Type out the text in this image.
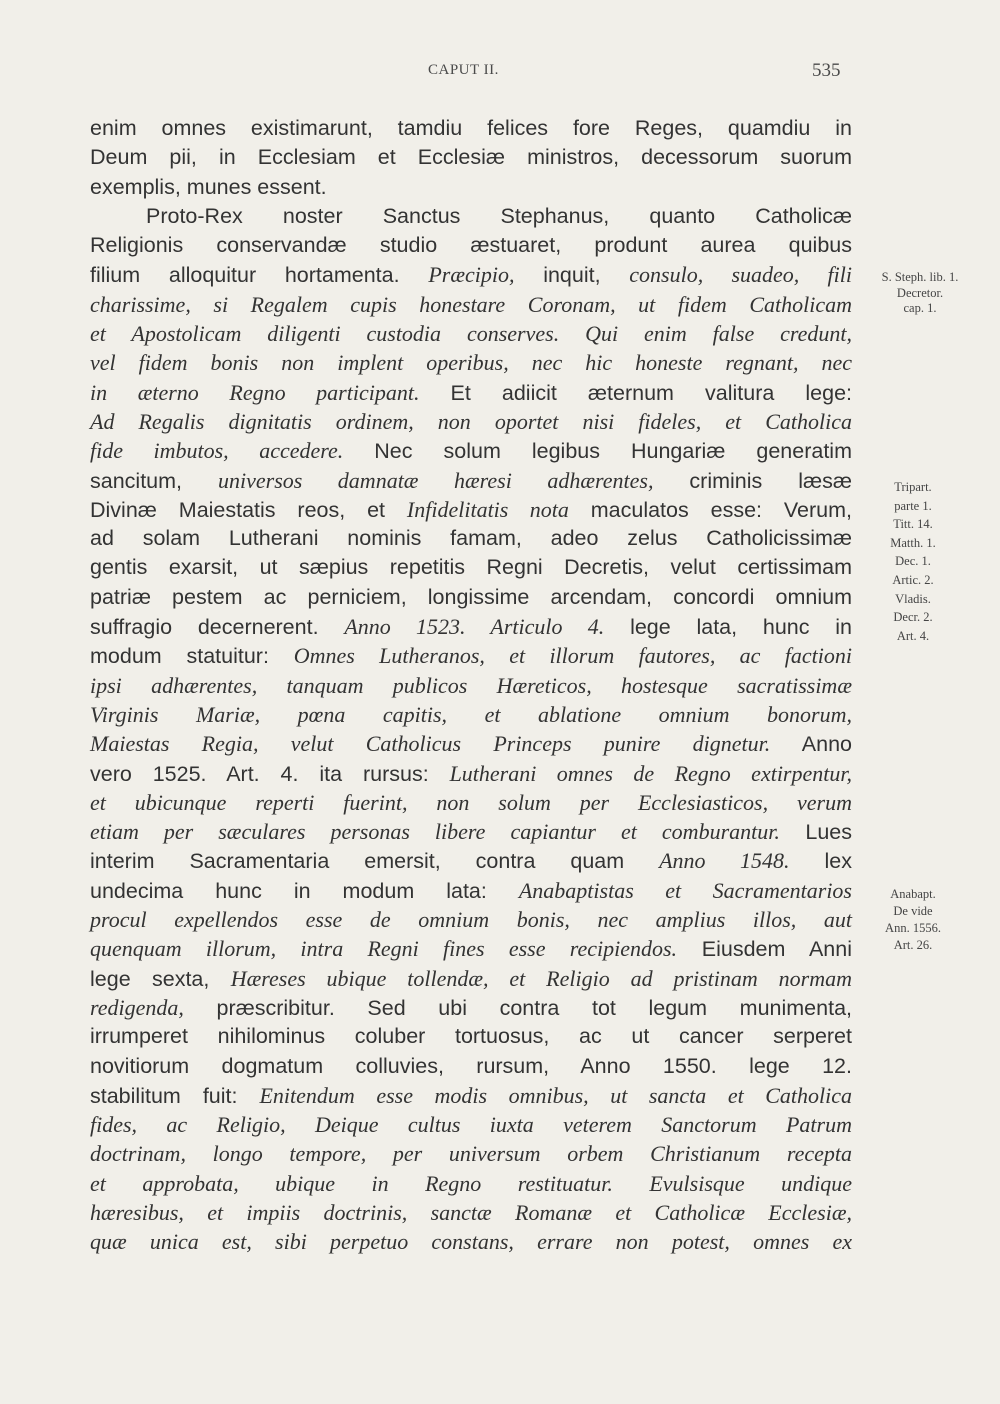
CAPUT II.	535
enim omnes existimarunt, tamdiu felices fore Reges, quamdiu in
Deum pii, in Ecclesiam et Ecclesiæ ministros, decessorum suorum
exemplis, munes essent.
Proto-Rex noster Sanctus Stephanus, quanto Catholicæ
Religionis conservandæ studio æstuaret, produnt aurea quibus
filium alloquitur hortamenta. Præcipio, inquit, consulo, suadeo, fili
charissime, si Regalem cupis honestare Coronam, ut fidem Catholicam
et Apostolicam diligenti custodia conserves. Qui enim false credunt,
vel fidem bonis non implent operibus, nec hic honeste regnant, nec
in æterno Regno participant. Et adiicit æternum valitura lege:
Ad Regalis dignitatis ordinem, non oportet nisi fideles, et Catholica
fide imbutos, accedere. Nec solum legibus Hungariæ generatim
sancitum, universos damnatæ hæresi adhærentes, criminis læsæ
Divinæ Maiestatis reos, et Infidelitatis nota maculatos esse: Verum,
ad solam Lutherani nominis famam, adeo zelus Catholicissimæ
gentis exarsit, ut sæpius repetitis Regni Decretis, velut certissimam
patriæ pestem ac perniciem, longissime arcendam, concordi omnium
suffragio decernerent. Anno 1523. Articulo 4. lege lata, hunc in
modum statuitur: Omnes Lutheranos, et illorum fautores, ac factioni
ipsi adhærentes, tanquam publicos Hæreticos, hostesque sacratissimæ
Virginis Mariæ, pœna capitis, et ablatione omnium bonorum,
Maiestas Regia, velut Catholicus Princeps punire dignetur. Anno
vero 1525. Art. 4. ita rursus: Lutherani omnes de Regno extirpentur,
et ubicunque reperti fuerint, non solum per Ecclesiasticos, verum
etiam per sæculares personas libere capiantur et comburantur. Lues
interim Sacramentaria emersit, contra quam Anno 1548. lex
undecima hunc in modum lata: Anabaptistas et Sacramentarios
procul expellendos esse de omnium bonis, nec amplius illos, aut
quenquam illorum, intra Regni fines esse recipiendos. Eiusdem Anni
lege sexta, Hæreses ubique tollendæ, et Religio ad pristinam normam
redigenda, præscribitur. Sed ubi contra tot legum munimenta,
irrumperet nihilominus coluber tortuosus, ac ut cancer serperet
novitiorum dogmatum colluvies, rursum, Anno 1550. lege 12.
stabilitum fuit: Enitendum esse modis omnibus, ut sancta et Catholica
fides, ac Religio, Deique cultus iuxta veterem Sanctorum Patrum
doctrinam, longo tempore, per universum orbem Christianum recepta
et approbata, ubique in Regno restituatur. Evulsisque undique
hæresibus, et impiis doctrinis, sanctæ Romanæ et Catholicæ Ecclesiæ,
quæ unica est, sibi perpetuo constans, errare non potest, omnes ex
S. Steph. lib. 1.
Decretor.
cap. 1.
Tripart.
parte 1.
Titt. 14.
Matth. 1.
Dec. 1.
Artic. 2.
Vladis.
Decr. 2.
Art. 4.
Anabapt.
De vide
Ann. 1556.
Art. 26.
